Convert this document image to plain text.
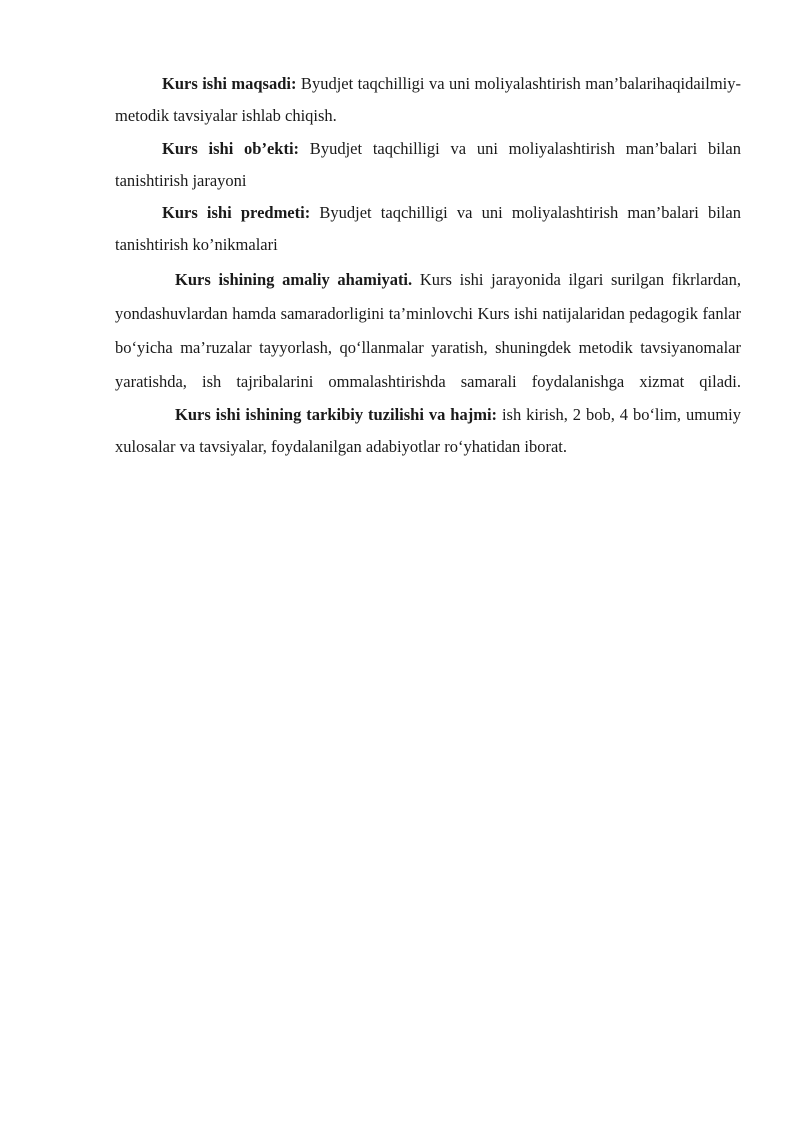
Kurs ishi maqsadi: Byudjet taqchilligi va uni moliyalashtirish man’balarihaqidailmiy-metodik tavsiyalar ishlab chiqish.

Kurs ishi ob’ekti: Byudjet taqchilligi va uni moliyalashtirish man’balari bilan tanishtirish jarayoni

Kurs ishi predmeti: Byudjet taqchilligi va uni moliyalashtirish man’balari bilan tanishtirish ko’nikmalari

Kurs ishining amaliy ahamiyati. Kurs ishi jarayonida ilgari surilgan fikrlardan, yondashuvlardan hamda samaradorligini ta’minlovchi Kurs ishi natijalaridan pedagogik fanlar bo‘yicha ma’ruzalar tayyorlash, qo‘llanmalar yaratish, shuningdek metodik tavsiyanomalar yaratishda, ish tajribalarini ommalashtirishda samarali foydalanishga xizmat qiladi.

Kurs ishi ishining tarkibiy tuzilishi va hajmi: ish kirish, 2 bob, 4 bo‘lim, umumiy xulosalar va tavsiyalar, foydalanilgan adabiyotlar ro‘yhatidan iborat.
